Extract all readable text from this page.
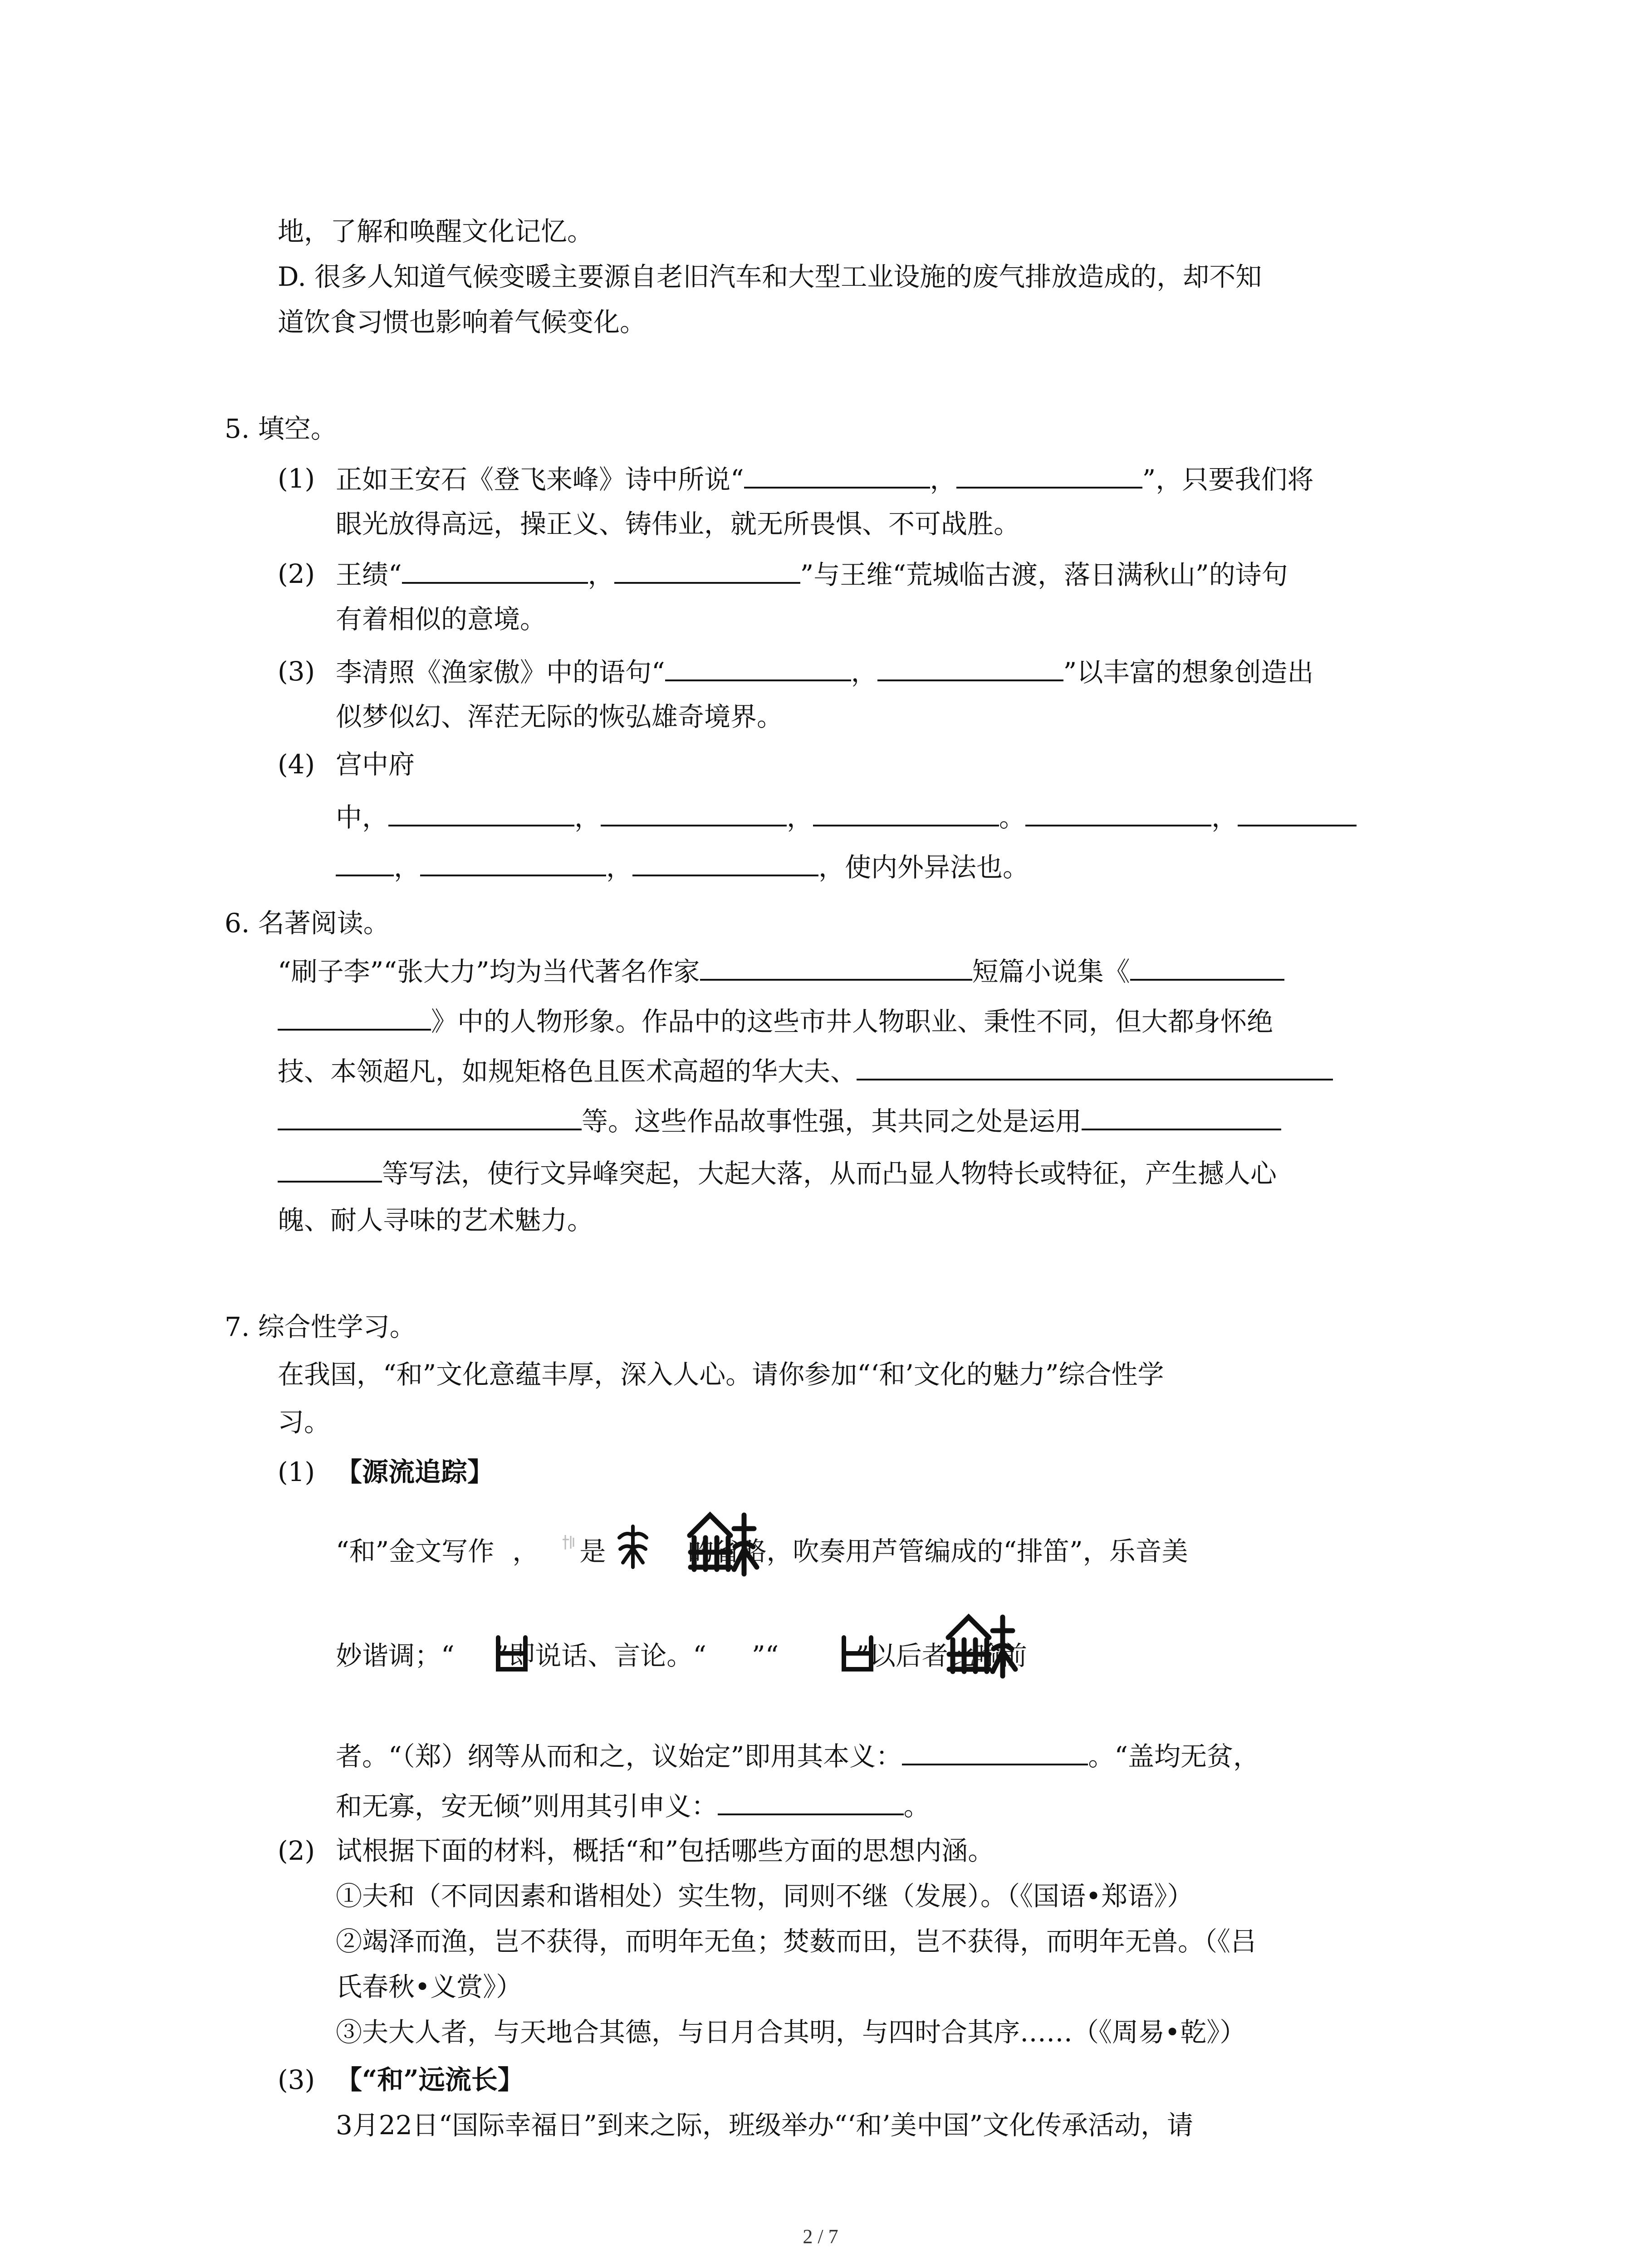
地，了解和唤醒文化记忆。
D. 很多人知道气候变暖主要源自老旧汽车和大型工业设施的废气排放造成的，却不知
道饮食习惯也影响着气候变化。
5. 填空。
(1) 正如王安石《登飞来峰》诗中所说“	，	”，只要我们将
眼光放得高远，操正义、铸伟业，就无所畏惧、不可战胜。
(2) 王绩“	，	”与王维“荒城临古渡，落日满秋山”的诗句
有着相似的意境。
(3) 李清照《渔家傲》中的语句“	，	”以丰富的想象创造出
似梦似幻、浑茫无际的恢弘雄奇境界。
(4) 宫中府
中，	，	，	。	，
，	，	，使内外异法也。
6. 名著阅读。
“刷子李”“张大力”均为当代著名作家	短篇小说集《
》中的人物形象。作品中的这些市井人物职业、秉性不同，但大都身怀绝
技、本领超凡，如规矩格色且医术高超的华大夫、
等。这些作品故事性强，其共同之处是运用
等写法，使行文异峰突起，大起大落，从而凸显人物特长或特征，产生撼人心
魄、耐人寻味的艺术魅力。
7. 综合性学习。
在我国，“和”文化意蕴丰厚，深入人心。请你参加“‘和’文化的魅力”综合性学
习。
(1) 【源流追踪】
“和”金文写作 ， 是	的省略，吹奏用芦管编成的“排笛”，乐音美
妙谐调；“ ”即说话、言论。“ ”“	”以后者比喻前
者。“（郑）纲等从而和之，议始定”即用其本义：	。“盖均无贫，
和无寡，安无倾”则用其引申义：	。
(2) 试根据下面的材料，概括“和”包括哪些方面的思想内涵。
①夫和（不同因素和谐相处）实生物，同则不继（发展）。（《国语•郑语》）
②竭泽而渔，岂不获得，而明年无鱼；焚薮而田，岂不获得，而明年无兽。（《吕
氏春秋•义赏》）
③夫大人者，与天地合其德，与日月合其明，与四时合其序……（《周易•乾》）
(3) 【“和”远流长】
3月22日“国际幸福日”到来之际，班级举办“‘和’美中国”文化传承活动，请
2 / 7
